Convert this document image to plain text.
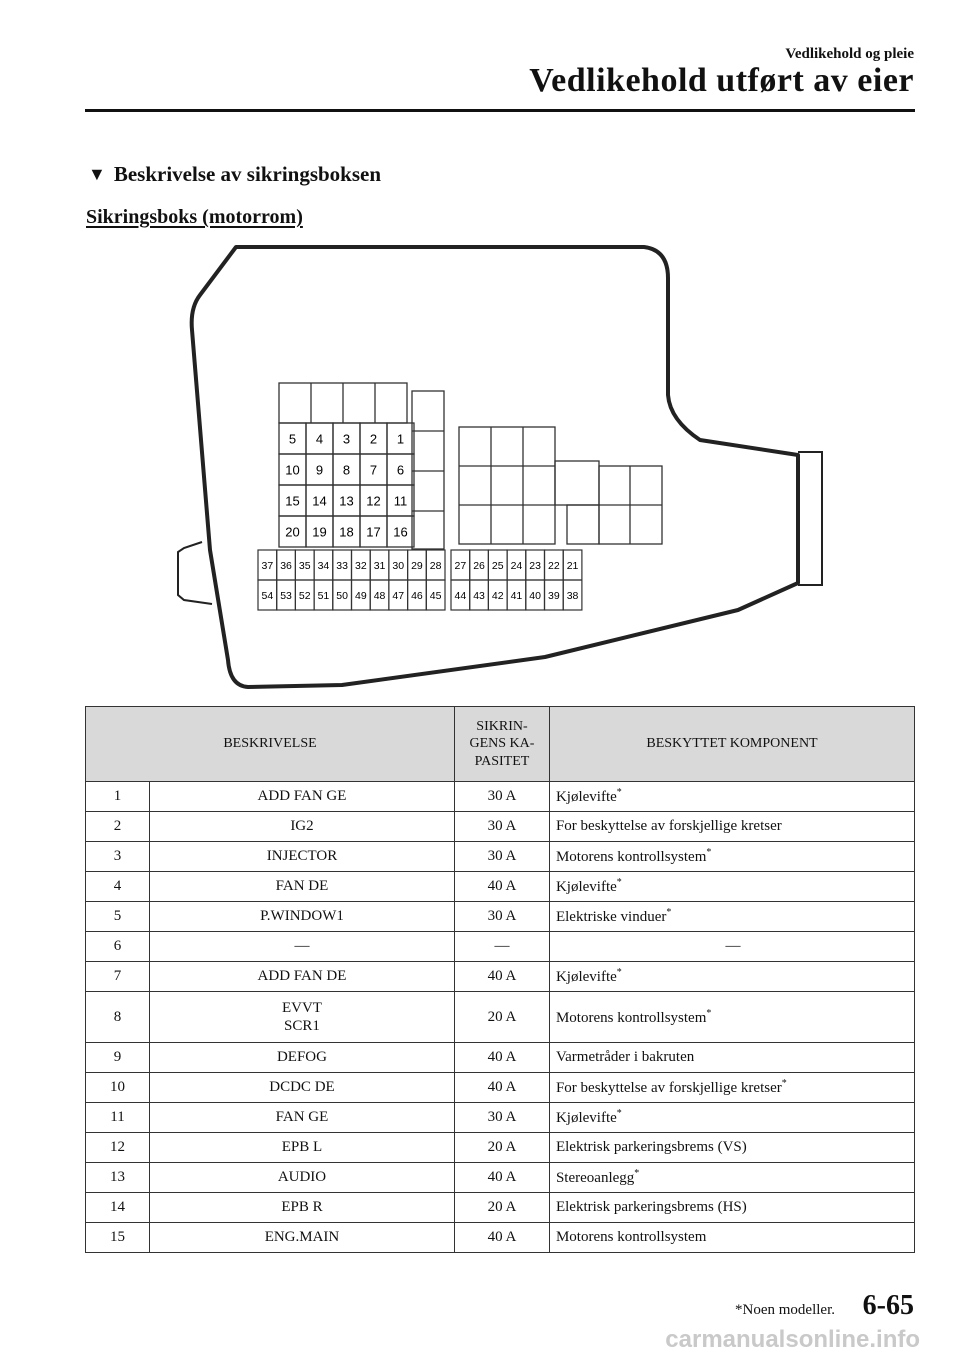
Vedlikehold og pleie
Vedlikehold utført av eier
▼ Beskrivelse av sikringsboksen
Sikringsboks (motorrom)
5 4 3 2 1
10 9 8 7 6
15 14 13 12 11
20 19 18 17 16
37 36 35 34 33 32 31 30 29 28
54 53 52 51 50 49 48 47 46 45
27 26 25 24 23 22 21
44 43 42 41 40 39 38
BESKRIVELSE		SIKRIN-
GENS KA-
PASITET	BESKYTTET KOMPONENT
1	ADD FAN GE	30 A	Kjølevifte*
2	IG2	30 A	For beskyttelse av forskjellige kretser
3	INJECTOR	30 A	Motorens kontrollsystem*
4	FAN DE	40 A	Kjølevifte*
5	P.WINDOW1	30 A	Elektriske vinduer*
6	—	—	—
7	ADD FAN DE	40 A	Kjølevifte*
8	EVVT
SCR1	20 A	Motorens kontrollsystem*
9	DEFOG	40 A	Varmetråder i bakruten
10	DCDC DE	40 A	For beskyttelse av forskjellige kretser*
11	FAN GE	30 A	Kjølevifte*
12	EPB L	20 A	Elektrisk parkeringsbrems (VS)
13	AUDIO	40 A	Stereoanlegg*
14	EPB R	20 A	Elektrisk parkeringsbrems (HS)
15	ENG.MAIN	40 A	Motorens kontrollsystem
*Noen modeller. 6-65
carmanualsonline.info
